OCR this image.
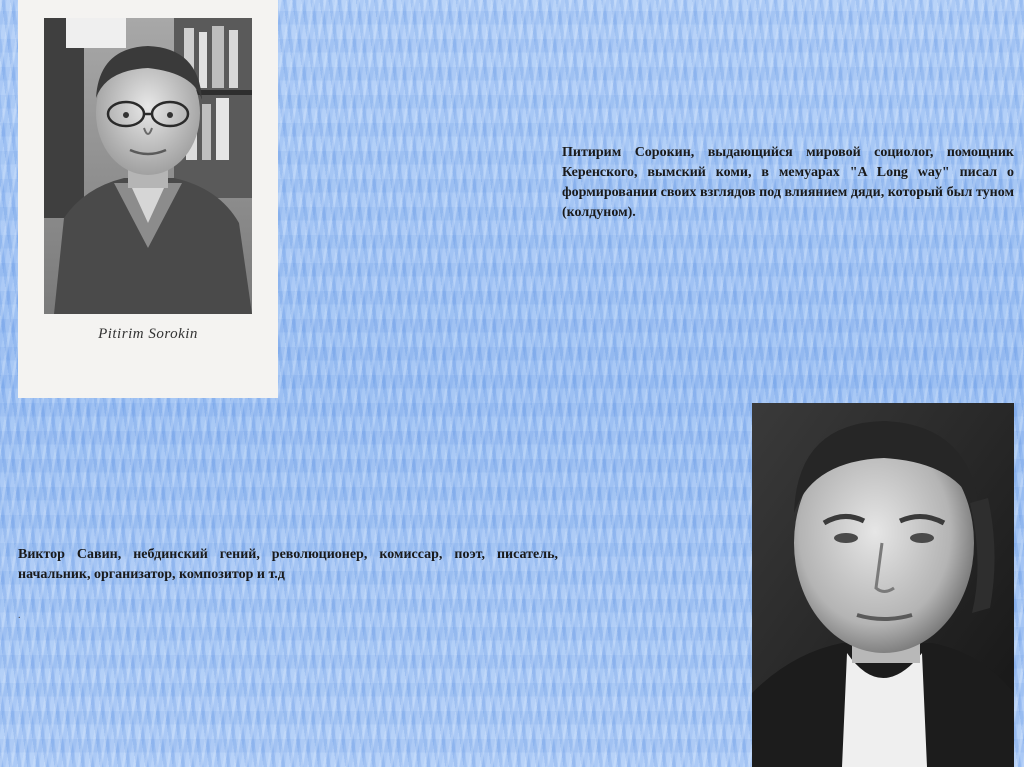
Pitirim Sorokin
Питирим Сорокин, выдающийся мировой социолог, помощник Керенского, вымский коми, в мемуарах "A Long way" писал о формировании своих взглядов под влиянием дяди, который был туном (колдуном).
Виктор Савин, небдинский гений, революционер, комиссар, поэт, писатель, начальник, организатор, композитор и т.д
.
